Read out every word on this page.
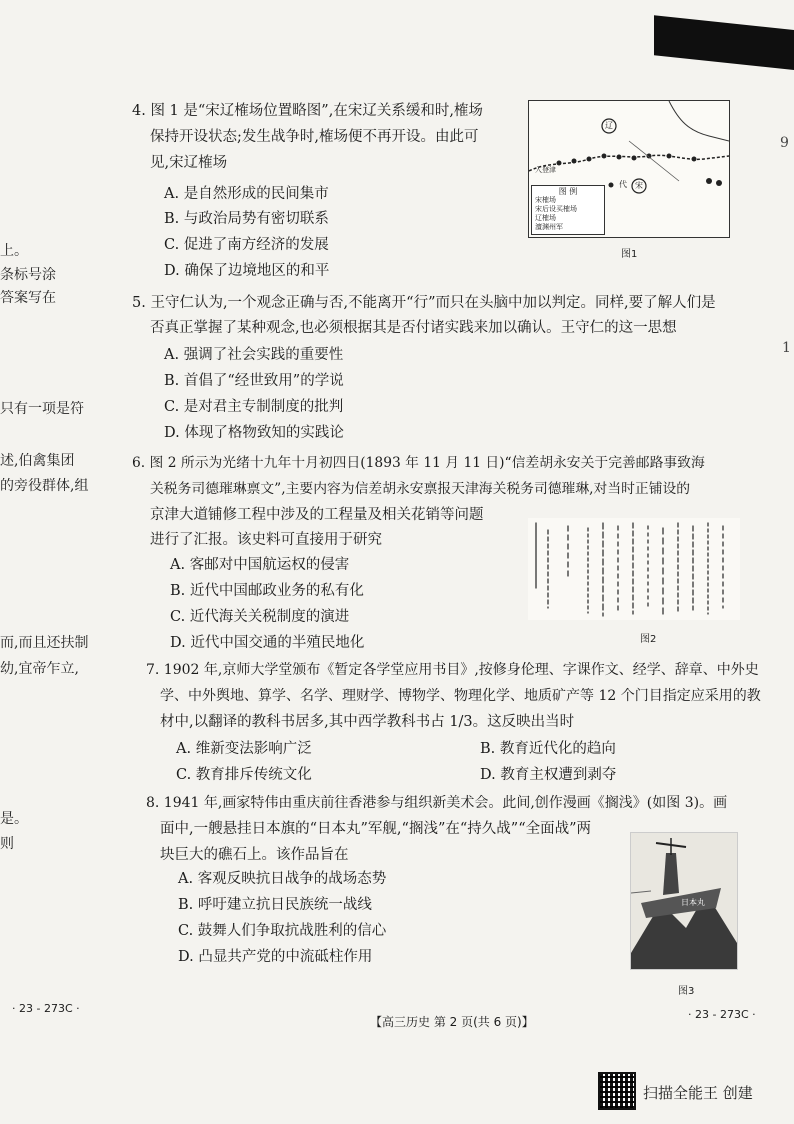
上。
条标号涂
答案写在
只有一项是符
述,伯禽集团
的旁役群体,组
而,而且还扶制
幼,宜帝乍立,
是。
则
9
1
4. 图 1 是“宋辽榷场位置略图”,在宋辽关系缓和时,榷场
保持开设状态;发生战争时,榷场便不再开设。由此可
见,宋辽榷场
A. 是自然形成的民间集市
B. 与政治局势有密切联系
C. 促进了南方经济的发展
D. 确保了边境地区的和平
辽
宋
代
入登津
图 例
宋榷场
宋后设买榷场
辽榷场
澶渊州军
图1
5. 王守仁认为,一个观念正确与否,不能离开“行”而只在头脑中加以判定。同样,要了解人们是
否真正掌握了某种观念,也必须根据其是否付诸实践来加以确认。王守仁的这一思想
A. 强调了社会实践的重要性
B. 首倡了“经世致用”的学说
C. 是对君主专制制度的批判
D. 体现了格物致知的实践论
6. 图 2 所示为光绪十九年十月初四日(1893 年 11 月 11 日)“信差胡永安关于完善邮路事致海
关税务司德璀琳禀文”,主要内容为信差胡永安禀报天津海关税务司德璀琳,对当时正铺设的
京津大道铺修工程中涉及的工程量及相关花销等问题
进行了汇报。该史料可直接用于研究
A. 客邮对中国航运权的侵害
B. 近代中国邮政业务的私有化
C. 近代海关关税制度的演进
D. 近代中国交通的半殖民地化	图2
7. 1902 年,京师大学堂颁布《暂定各学堂应用书目》,按修身伦理、字课作文、经学、辞章、中外史
学、中外舆地、算学、名学、理财学、博物学、物理化学、地质矿产等 12 个门目指定应采用的教
材中,以翻译的教科书居多,其中西学教科书占 1/3。这反映出当时
A. 维新变法影响广泛	B. 教育近代化的趋向
C. 教育排斥传统文化	D. 教育主权遭到剥夺
8. 1941 年,画家特伟由重庆前往香港参与组织新美术会。此间,创作漫画《搁浅》(如图 3)。画
面中,一艘悬挂日本旗的“日本丸”军舰,“搁浅”在“持久战”“全面战”两
块巨大的礁石上。该作品旨在
A. 客观反映抗日战争的战场态势
B. 呼吁建立抗日民族统一战线
C. 鼓舞人们争取抗战胜利的信心
D. 凸显共产党的中流砥柱作用
日本丸
图3
· 23 - 273C ·
【高三历史 第 2 页(共 6 页)】
· 23 - 273C ·
扫描全能王 创建
